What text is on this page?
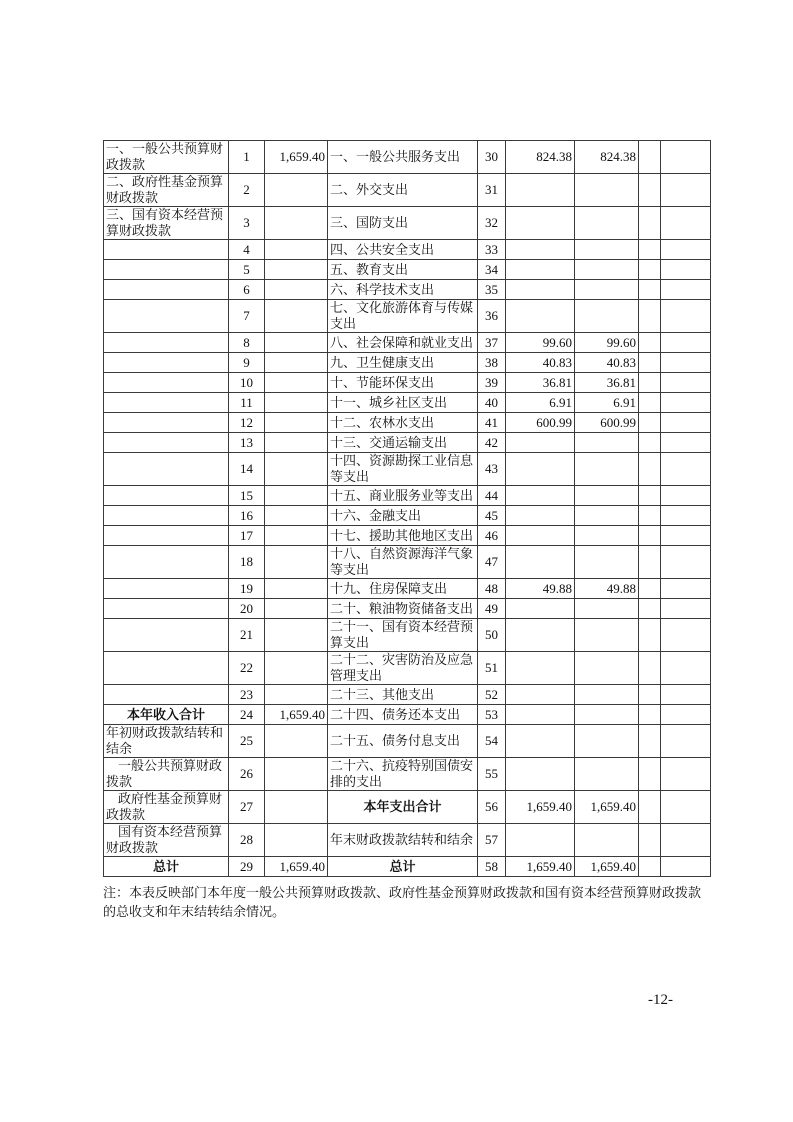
一、一般公共预算财政拨款	1	1,659.40	一、一般公共服务支出	30	824.38	824.38		
二、政府性基金预算财政拨款	2		二、外交支出	31				
三、国有资本经营预算财政拨款	3		三、国防支出	32				
	4		四、公共安全支出	33				
	5		五、教育支出	34				
	6		六、科学技术支出	35				
	7		七、文化旅游体育与传媒支出	36				
	8		八、社会保障和就业支出	37	99.60	99.60		
	9		九、卫生健康支出	38	40.83	40.83		
	10		十、节能环保支出	39	36.81	36.81		
	11		十一、城乡社区支出	40	6.91	6.91		
	12		十二、农林水支出	41	600.99	600.99		
	13		十三、交通运输支出	42				
	14		十四、资源勘探工业信息等支出	43				
	15		十五、商业服务业等支出	44				
	16		十六、金融支出	45				
	17		十七、援助其他地区支出	46				
	18		十八、自然资源海洋气象等支出	47				
	19		十九、住房保障支出	48	49.88	49.88		
	20		二十、粮油物资储备支出	49				
	21		二十一、国有资本经营预算支出	50				
	22		二十二、灾害防治及应急管理支出	51				
	23		二十三、其他支出	52				
本年收入合计	24	1,659.40	二十四、债务还本支出	53				
年初财政拨款结转和结余	25		二十五、债务付息支出	54				
一般公共预算财政拨款	26		二十六、抗疫特别国债安排的支出	55				
政府性基金预算财政拨款	27		本年支出合计	56	1,659.40	1,659.40		
国有资本经营预算财政拨款	28		年末财政拨款结转和结余	57				
总计	29	1,659.40	总计	58	1,659.40	1,659.40		
注：本表反映部门本年度一般公共预算财政拨款、政府性基金预算财政拨款和国有资本经营预算财政拨款的总收支和年末结转结余情况。
-12-
